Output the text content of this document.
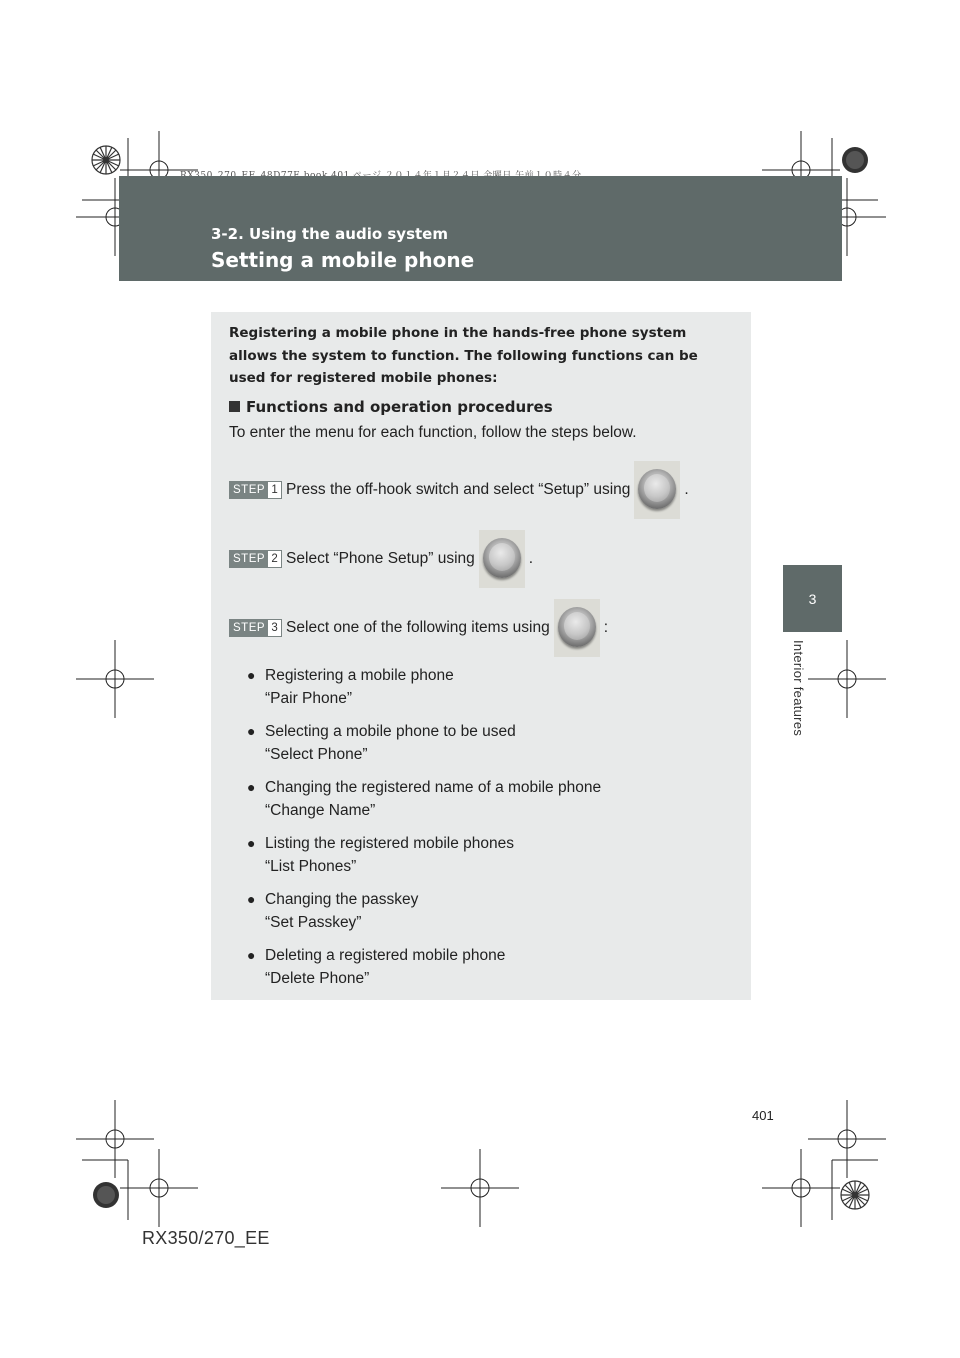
3-2. Using the audio system
Setting a mobile phone
3
Interior features
Registering a mobile phone in the hands-free phone system allows the system to function. The following functions can be used for registered mobile phones:
Functions and operation procedures
To enter the menu for each function, follow the steps below.
STEP 1 Press the off-hook switch and select “Setup” using	.
STEP 2 Select “Phone Setup” using	.
STEP 3 Select one of the following items using	:
● Registering a mobile phone
“Pair Phone”
● Selecting a mobile phone to be used
“Select Phone”
● Changing the registered name of a mobile phone
“Change Name”
● Listing the registered mobile phones
“List Phones”
● Changing the passkey
“Set Passkey”
● Deleting a registered mobile phone
“Delete Phone”
401
RX350/270_EE
